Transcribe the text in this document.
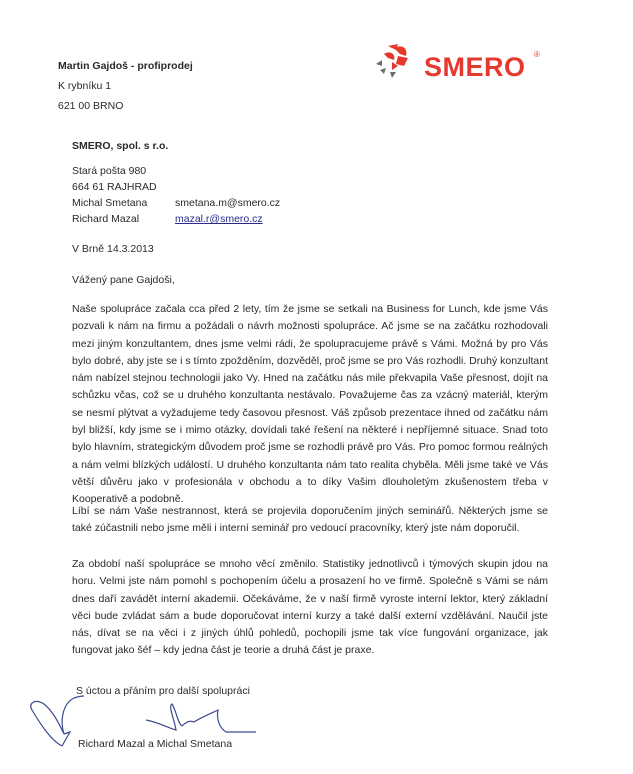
Martin Gajdoš - profiprodej
K rybníku 1
621 00 BRNO
SMERO ®
SMERO, spol. s r.o.
Stará pošta 980
664 61 RAJHRAD
Michal Smetana	smetana.m@smero.cz
Richard Mazal	mazal.r@smero.cz
V Brně 14.3.2013
Vážený pane Gajdoši,
Naše spolupráce začala cca před 2 lety, tím že jsme se setkali na Business for Lunch, kde jsme Vás pozvali k nám na firmu a požádali o návrh možnosti spolupráce. Ač jsme se na začátku rozhodovali mezi jiným konzultantem, dnes jsme velmi rádi, že spolupracujeme právě s Vámi. Možná by pro Vás bylo dobré, aby jste se i s tímto zpožděním, dozvěděl, proč jsme se pro Vás rozhodli. Druhý konzultant nám nabízel stejnou technologii jako Vy. Hned na začátku nás mile překvapila Vaše přesnost, dojít na schůzku včas, což se u druhého konzultanta nestávalo. Považujeme čas za vzácný materiál, kterým se nesmí plýtvat a vyžadujeme tedy časovou přesnost. Váš způsob prezentace ihned od začátku nám byl bližší, kdy jsme se i mimo otázky, dovídali také řešení na některé i nepříjemné situace. Snad toto bylo hlavním, strategickým důvodem proč jsme se rozhodli právě pro Vás. Pro pomoc formou reálných a nám velmi blízkých událostí. U druhého konzultanta nám tato realita chyběla. Měli jsme také ve Vás větší důvěru jako v profesionála v obchodu a to díky Vašim dlouholetým zkušenostem třeba v Kooperativě a podobně.
Líbí se nám Vaše nestrannost, která se projevila doporučením jiných seminářů. Některých jsme se také zúčastnili nebo jsme měli i interní seminář pro vedoucí pracovníky, který jste nám doporučil.
Za období naší spolupráce se mnoho věcí změnilo. Statistiky jednotlivců i týmových skupin jdou na horu. Velmi jste nám pomohl s pochopením účelu a prosazení ho ve firmě. Společně s Vámi se nám dnes daří zavádět interní akademii. Očekáváme, že v naší firmě vyroste interní lektor, který základní věci bude zvládat sám a bude doporučovat interní kurzy a také další externí vzdělávání. Naučil jste nás, dívat se na věci i z jiných úhlů pohledů, pochopili jsme tak více fungování organizace, jak fungovat jako šéf – kdy jedna část je teorie a druhá část je praxe.
S úctou a přáním pro další spolupráci
Richard Mazal a Michal Smetana
